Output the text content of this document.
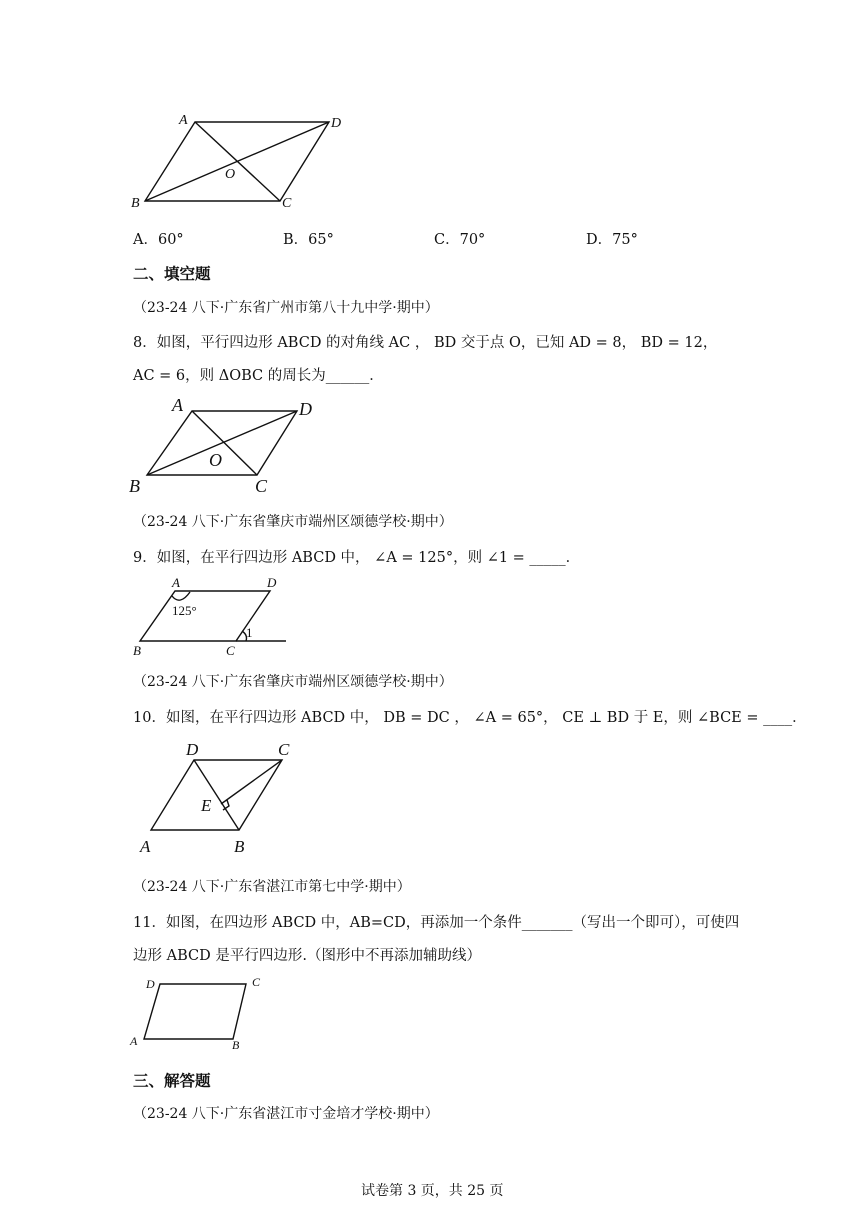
A	D
O
B	C
A．60°	B．65°	C．70°	D．75°
二、填空题
（23-24 八下·广东省广州市第八十九中学·期中）
8．如图，平行四边形 ABCD 的对角线 AC ， BD 交于点 O，已知 AD = 8， BD = 12，
AC = 6，则 ΔOBC 的周长为______．
A	D
O
B	C
（23-24 八下·广东省肇庆市端州区颂德学校·期中）
9．如图，在平行四边形 ABCD 中， ∠A = 125°，则 ∠1 = _____．
A	D
125°
1
B	C
（23-24 八下·广东省肇庆市端州区颂德学校·期中）
10．如图，在平行四边形 ABCD 中， DB = DC ， ∠A = 65°， CE ⊥ BD 于 E，则 ∠BCE = ____．
D	C
E
A	B
（23-24 八下·广东省湛江市第七中学·期中）
11．如图，在四边形 ABCD 中，AB=CD，再添加一个条件_______（写出一个即可），可使四
边形 ABCD 是平行四边形.（图形中不再添加辅助线）
D	C
A	B
三、解答题
（23-24 八下·广东省湛江市寸金培才学校·期中）
试卷第 3 页，共 25 页
